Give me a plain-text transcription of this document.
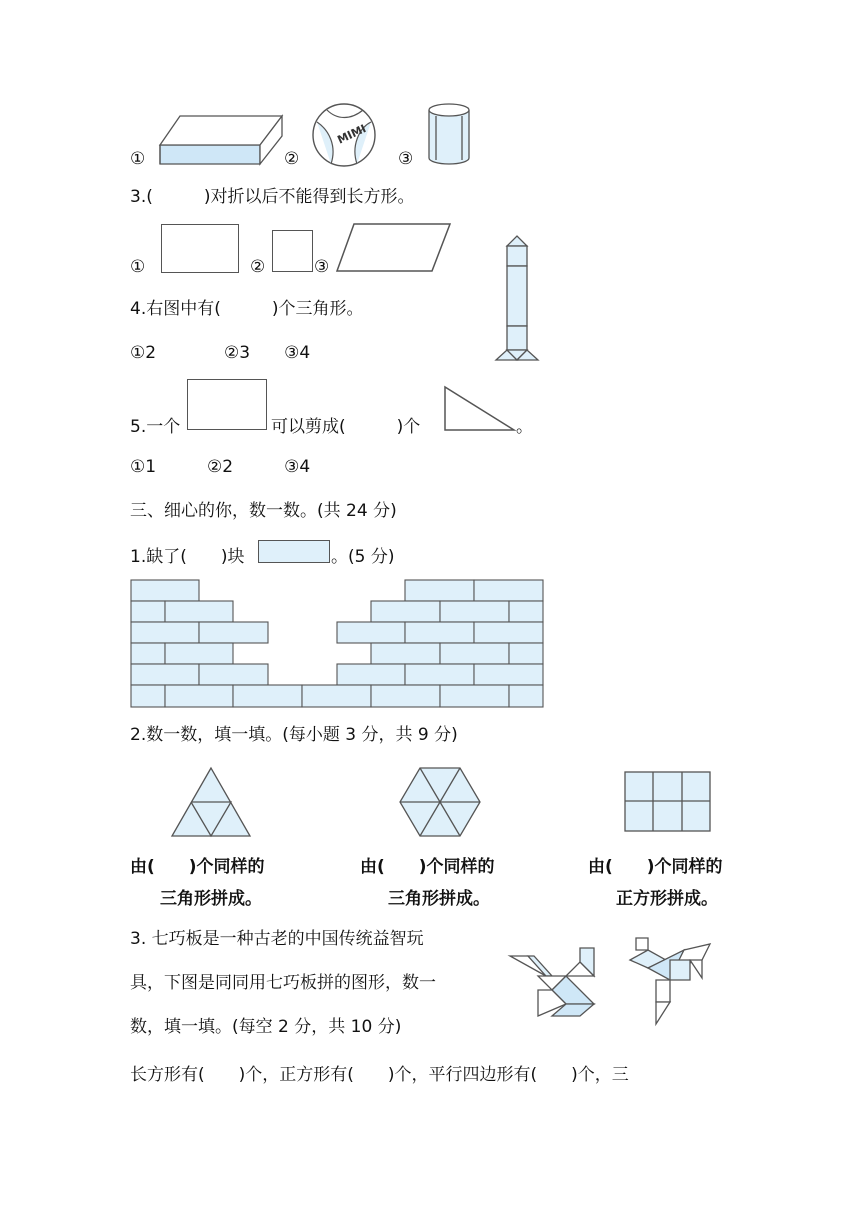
①	②
MIMI
③
3.(　　　)对折以后不能得到长方形。
①	②	③
4.右图中有(　　　)个三角形。
①2　　　　②3　　③4
5.一个	可以剪成(　　　)个	。
①1　　　②2　　　③4
三、细心的你，数一数。(共 24 分)
1.缺了(　　)块	。(5 分)
2.数一数，填一填。(每小题 3 分，共 9 分)
由(　　)个同样的
三角形拼成。
由(　　)个同样的
三角形拼成。
由(　　)个同样的
正方形拼成。
3. 七巧板是一种古老的中国传统益智玩
具，下图是同同用七巧板拼的图形，数一
数，填一填。(每空 2 分，共 10 分)
长方形有(　　)个，正方形有(　　)个，平行四边形有(　　)个，三
